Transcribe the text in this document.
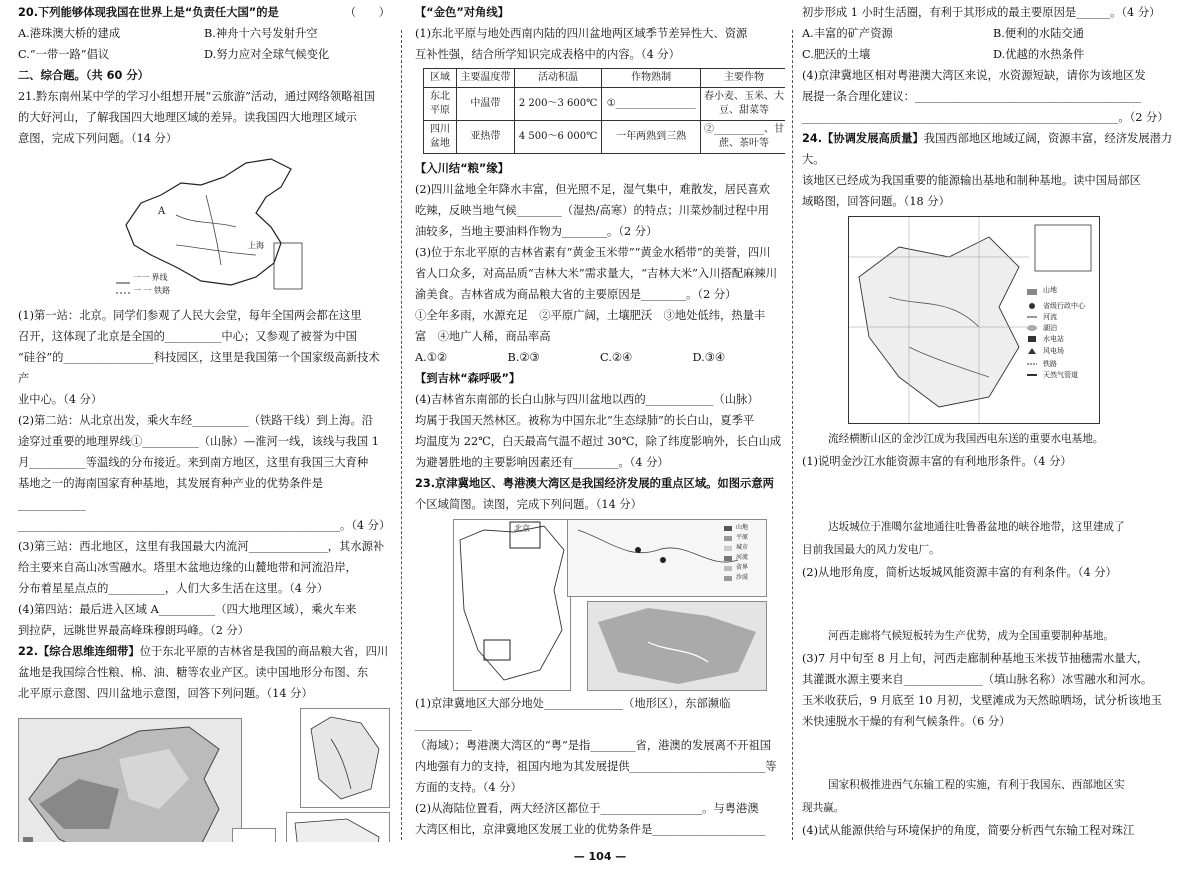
20.下列能够体现我国在世界上是“负责任大国”的是	（　　）
A.港珠澳大桥的建成	B.神舟十六号发射升空
C.“一带一路”倡议	D.努力应对全球气候变化

二、综合题。（共 60 分）

21.黔东南州某中学的学习小组想开展“云旅游”活动，通过网络领略祖国

的大好河山，了解我国四大地理区域的差异。读我国四大地理区域示

意图，完成下列问题。（14 分）

A
上海
一一 界线
一 一 铁路

(1)第一站：北京。同学们参观了人民大会堂，每年全国两会都在这里

召开，这体现了北京是全国的__________中心；又参观了被誉为中国

“硅谷”的________________科技园区，这里是我国第一个国家级高新技术产

业中心。（4 分）

(2)第二站：从北京出发，乘火车经__________（铁路干线）到上海。沿

途穿过重要的地理界线①__________（山脉）—淮河一线，该线与我国 1

月__________等温线的分布接近。来到南方地区，这里有我国三大育种

基地之一的海南国家育种基地，其发展育种产业的优势条件是____________

_________________________________________________________。（4 分）

(3)第三站：西北地区，这里有我国最大内流河______________，其水源补

给主要来自高山冰雪融水。塔里木盆地边缘的山麓地带和河流沿岸，

分布着星星点点的__________，人们大多生活在这里。（4 分）

(4)第四站：最后进入区域 A__________（四大地理区域），乘火车来

到拉萨，远眺世界最高峰珠穆朗玛峰。（2 分）

22.【综合思维连细带】位于东北平原的吉林省是我国的商品粮大省，四川

盆地是我国综合性粮、棉、油、糖等农业产区。读中国地形分布图、东

北平原示意图、四川盆地示意图，回答下列问题。（14 分）

【“金色”对角线】

(1)东北平原与地处西南内陆的四川盆地两区域季节差异性大、资源

互补性强，结合所学知识完成表格中的内容。（4 分）

区域	主要温度带	活动积温	作物熟制	主要作物
东北平原	中温带	2 200～3 600℃	①________________	春小麦、玉米、大豆、甜菜等
四川盆地	亚热带	4 500～6 000℃	一年两熟到三熟	②__________、甘蔗、茶叶等

【入川结“粮”缘】

(2)四川盆地全年降水丰富，但光照不足，湿气集中，难散发，居民喜欢

吃辣，反映当地气候________（湿热/高寒）的特点；川菜炒制过程中用

油较多，当地主要油料作物为________。（2 分）

(3)位于东北平原的吉林省素有“黄金玉米带”“黄金水稻带”的美誉，四川

省人口众多，对高品质“吉林大米”需求量大，“吉林大米”入川搭配麻辣川

渝美食。吉林省成为商品粮大省的主要原因是________。（2 分）

①全年多雨，水源充足　②平原广阔，土壤肥沃　③地处低纬，热量丰

富　④地广人稀，商品率高

A.①②	B.②③	C.②④	D.③④

【到吉林“森呼吸”】

(4)吉林省东南部的长白山脉与四川盆地以西的____________（山脉）

均属于我国天然林区。被称为中国东北“生态绿肺”的长白山，夏季平

均温度为 22℃，白天最高气温不超过 30℃，除了纬度影响外，长白山成

为避暑胜地的主要影响因素还有________。（4 分）

23.京津冀地区、粤港澳大湾区是我国经济发展的重点区域。如图示意两

个区域简图。读图，完成下列问题。（14 分）

北京	山地
平原
城市
河流
省界
沙漠

(1)京津冀地区大部分地处______________（地形区），东部濒临__________

（海域）；粤港澳大湾区的“粤”是指________省，港澳的发展离不开祖国

内地强有力的支持，祖国内地为其发展提供________________________等

方面的支持。（4 分）

(2)从海陆位置看，两大经济区都位于__________________。与粤港澳

大湾区相比，京津冀地区发展工业的优势条件是____________________

初步形成 1 小时生活圈，有利于其形成的最主要原因是______。（4 分）

A.丰富的矿产资源	B.便利的水陆交通
C.肥沃的土壤	D.优越的水热条件

(4)京津冀地区相对粤港澳大湾区来说，水资源短缺，请你为该地区发

展提一条合理化建议：________________________________________

________________________________________________________。（2 分）

24.【协调发展高质量】我国西部地区地域辽阔，资源丰富，经济发展潜力大。

该地区已经成为我国重要的能源输出基地和制种基地。读中国局部区

域略图，回答问题。（18 分）

山地
省级行政中心
河流
湖泊
水电站
风电场
铁路
天然气管道

流经横断山区的金沙江成为我国西电东送的重要水电基地。

(1)说明金沙江水能资源丰富的有利地形条件。（4 分）

达坂城位于准噶尔盆地通往吐鲁番盆地的峡谷地带，这里建成了

目前我国最大的风力发电厂。

(2)从地形角度，简析达坂城风能资源丰富的有利条件。（4 分）

河西走廊将气候短板转为生产优势，成为全国重要制种基地。

(3)7 月中旬至 8 月上旬，河西走廊制种基地玉米拔节抽穗需水量大，

其灌溉水源主要来自______________（填山脉名称）冰雪融水和河水。

玉米收获后，9 月底至 10 月初，戈壁滩成为天然晾晒场，试分析该地玉

米快速脱水干燥的有利气候条件。（6 分）

国家积极推进西气东输工程的实施，有利于我国东、西部地区实

现共赢。

(4)试从能源供给与环境保护的角度，简要分析西气东输工程对珠江

— 104 —
